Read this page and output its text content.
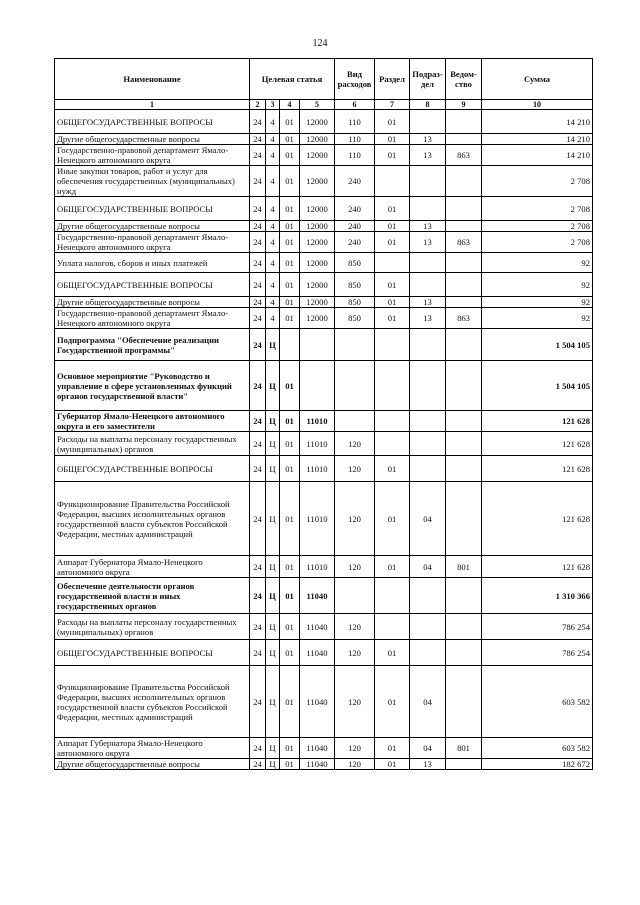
124
Наименование	Целевая статья				Вид расходов	Раздел	Подраз- дел	Ведом- ство	Сумма
1	2	3	4	5	6	7	8	9	10
ОБЩЕГОСУДАРСТВЕННЫЕ ВОПРОСЫ	24	4	01	12000	110	01			14 210
Другие общегосударственные вопросы	24	4	01	12000	110	01	13		14 210
Государственно-правовой департамент Ямало-Ненецкого автономного округа	24	4	01	12000	110	01	13	863	14 210
Иные закупки товаров, работ и услуг для обеспечения государственных (муниципальных) нужд	24	4	01	12000	240				2 708
ОБЩЕГОСУДАРСТВЕННЫЕ ВОПРОСЫ	24	4	01	12000	240	01			2 708
Другие общегосударственные вопросы	24	4	01	12000	240	01	13		2 708
Государственно-правовой департамент Ямало-Ненецкого автономного округа	24	4	01	12000	240	01	13	863	2 708
Уплата налогов, сборов и иных платежей	24	4	01	12000	850				92
ОБЩЕГОСУДАРСТВЕННЫЕ ВОПРОСЫ	24	4	01	12000	850	01			92
Другие общегосударственные вопросы	24	4	01	12000	850	01	13		92
Государственно-правовой департамент Ямало-Ненецкого автономного округа	24	4	01	12000	850	01	13	863	92
Подпрограмма "Обеспечение реализации Государственной программы"	24	Ц							1 504 105
Основное мероприятие "Руководство и управление в сфере установленных функций органов государственной власти"	24	Ц	01						1 504 105
Губернатор Ямало-Ненецкого автономного округа и его заместители	24	Ц	01	11010					121 628
Расходы на выплаты персоналу государственных (муниципальных) органов	24	Ц	01	11010	120				121 628
ОБЩЕГОСУДАРСТВЕННЫЕ ВОПРОСЫ	24	Ц	01	11010	120	01			121 628
Функционирование Правительства Российской Федерации, высших исполнительных органов государственной власти субъектов Российской Федерации, местных администраций	24	Ц	01	11010	120	01	04		121 628
Аппарат Губернатора Ямало-Ненецкого автономного округа	24	Ц	01	11010	120	01	04	801	121 628
Обеспечение деятельности органов государственной власти и иных государственных органов	24	Ц	01	11040					1 310 366
Расходы на выплаты персоналу государственных (муниципальных) органов	24	Ц	01	11040	120				786 254
ОБЩЕГОСУДАРСТВЕННЫЕ ВОПРОСЫ	24	Ц	01	11040	120	01			786 254
Функционирование Правительства Российской Федерации, высших исполнительных органов государственной власти субъектов Российской Федерации, местных администраций	24	Ц	01	11040	120	01	04		603 582
Аппарат Губернатора Ямало-Ненецкого автономного округа	24	Ц	01	11040	120	01	04	801	603 582
Другие общегосударственные вопросы	24	Ц	01	11040	120	01	13		182 672
